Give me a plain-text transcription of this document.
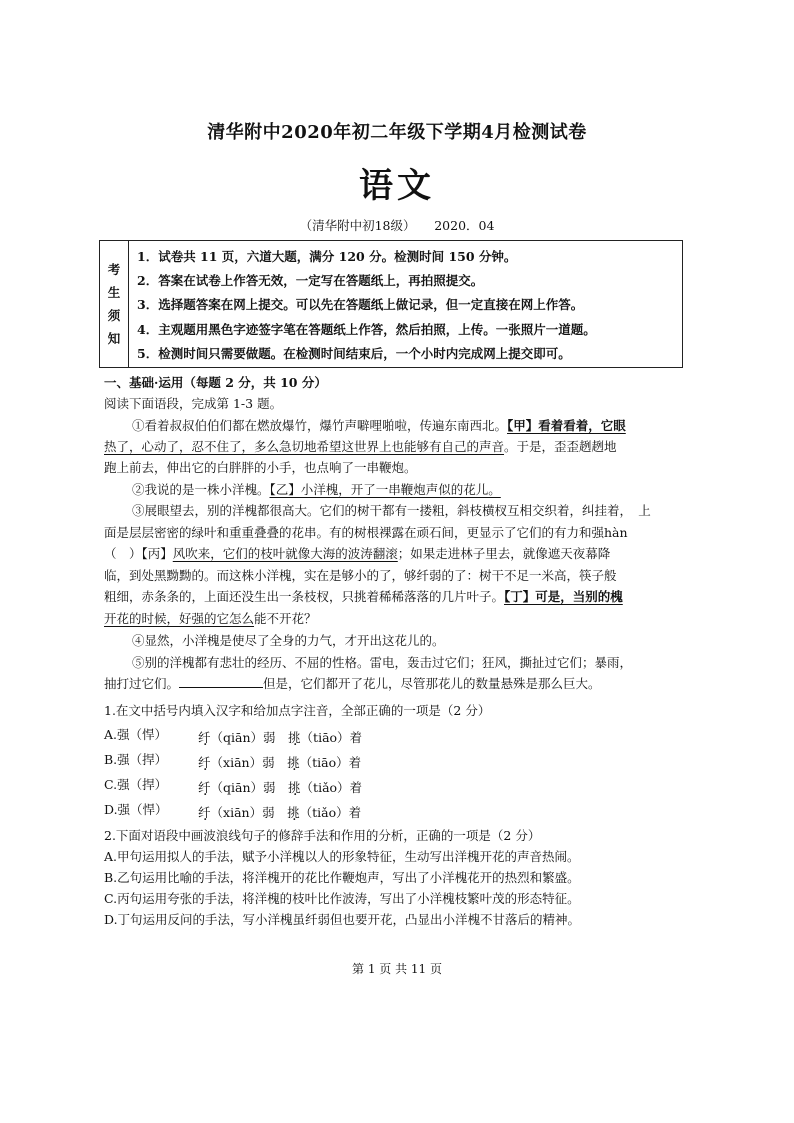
清华附中2020年初二年级下学期4月检测试卷
语文
（清华附中初18级）　　2020．04
考
生
须
知
1．试卷共 11 页，六道大题，满分 120 分。检测时间 150 分钟。
2．答案在试卷上作答无效，一定写在答题纸上，再拍照提交。
3．选择题答案在网上提交。可以先在答题纸上做记录，但一定直接在网上作答。
4．主观题用黑色字迹签字笔在答题纸上作答，然后拍照，上传。一张照片一道题。
5．检测时间只需要做题。在检测时间结束后，一个小时内完成网上提交即可。
一、基础·运用（每题 2 分，共 10 分）
阅读下面语段，完成第 1-3 题。
①看着叔叔伯伯们都在燃放爆竹，爆竹声噼哩啪啦，传遍东南西北。【甲】看着看着，它眼
热了，心动了，忍不住了，多么急切地希望这世界上也能够有自己的声音。于是，歪歪趔趔地
跑上前去，伸出它的白胖胖的小手，也点响了一串鞭炮。
②我说的是一株小洋槐。【乙】小洋槐，开了一串鞭炮声似的花儿。
③展眼望去，别的洋槐都很高大。它们的树干都有一搂粗，斜枝横杈互相交织着，纠挂着，　上
面是层层密密的绿叶和重重叠叠的花串。有的树根裸露在顽石间，更显示了它们的有力和强hàn
（　）【丙】风吹来，它们的枝叶就像大海的波涛翻滚；如果走进林子里去，就像遮天夜幕降
临，到处黑黝黝的。而这株小洋槐，实在是够小的了，够纤弱的了：树干不足一米高，筷子般
粗细，赤条条的，上面还没生出一条枝杈，只挑着稀稀落落的几片叶子。【丁】可是，当别的槐
开花的时候，好强的它怎么能不开花？
④显然，小洋槐是使尽了全身的力气，才开出这花儿的。
⑤别的洋槐都有悲壮的经历、不屈的性格。雷电，轰击过它们；狂风，撕扯过它们；暴雨，
抽打过它们。	但是，它们都开了花儿，尽管那花儿的数量悬殊是那么巨大。
1.在文中括号内填入汉字和给加点字注音，全部正确的一项是（2 分）
A.强（悍） 纤（qiān）弱　挑（tiāo）着
B.强（捍） 纤（xiān）弱　挑（tiāo）着
C.强（捍） 纤（qiān）弱　挑（tiǎo）着
D.强（悍） 纤（xiān）弱　挑（tiǎo）着
2.下面对语段中画波浪线句子的修辞手法和作用的分析，正确的一项是（2 分）
A.甲句运用拟人的手法，赋予小洋槐以人的形象特征，生动写出洋槐开花的声音热闹。
B.乙句运用比喻的手法，将洋槐开的花比作鞭炮声，写出了小洋槐花开的热烈和繁盛。
C.丙句运用夸张的手法，将洋槐的枝叶比作波涛，写出了小洋槐枝繁叶茂的形态特征。
D.丁句运用反问的手法，写小洋槐虽纤弱但也要开花，凸显出小洋槐不甘落后的精神。
第 1 页 共 11 页
